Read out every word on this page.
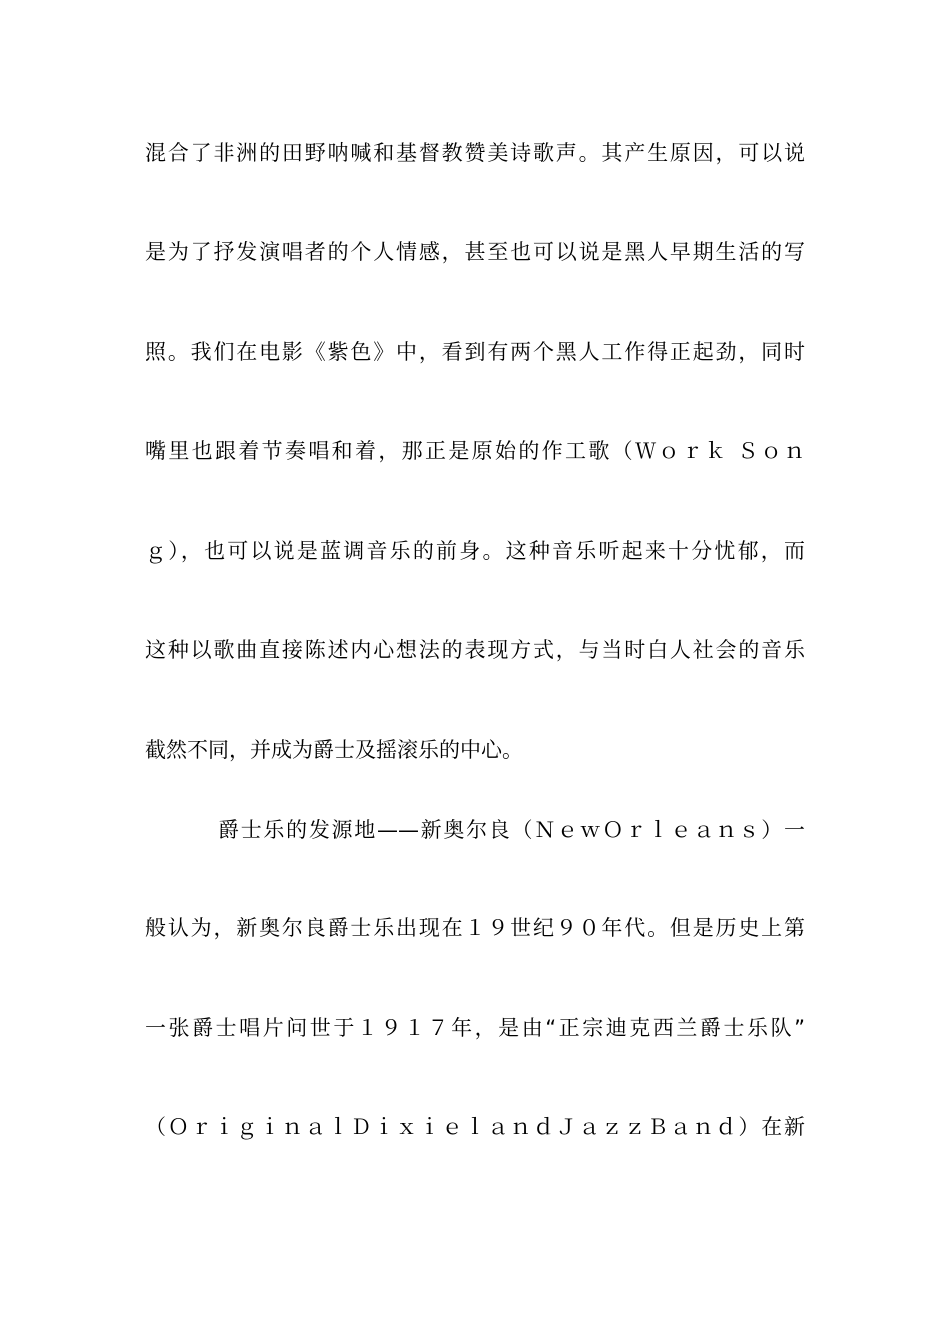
混合了非洲的田野呐喊和基督教赞美诗歌声。其产生原因，可以说
是为了抒发演唱者的个人情感，甚至也可以说是黑人早期生活的写
照。我们在电影《紫色》中，看到有两个黑人工作得正起劲，同时
嘴里也跟着节奏唱和着，那正是原始的作工歌（Ｗｏｒｋ Ｓｏｎ
ｇ），也可以说是蓝调音乐的前身。这种音乐听起来十分忧郁，而
这种以歌曲直接陈述内心想法的表现方式，与当时白人社会的音乐
截然不同，并成为爵士及摇滚乐的中心。
爵士乐的发源地——新奥尔良（ＮｅｗＯｒｌｅａｎｓ）一
般认为，新奥尔良爵士乐出现在１９世纪９０年代。但是历史上第
一张爵士唱片问世于１９１７年，是由“正宗迪克西兰爵士乐队”
（ＯｒｉｇｉｎａｌＤｉｘｉｅｌａｎｄＪａｚｚＢａｎｄ）在新
